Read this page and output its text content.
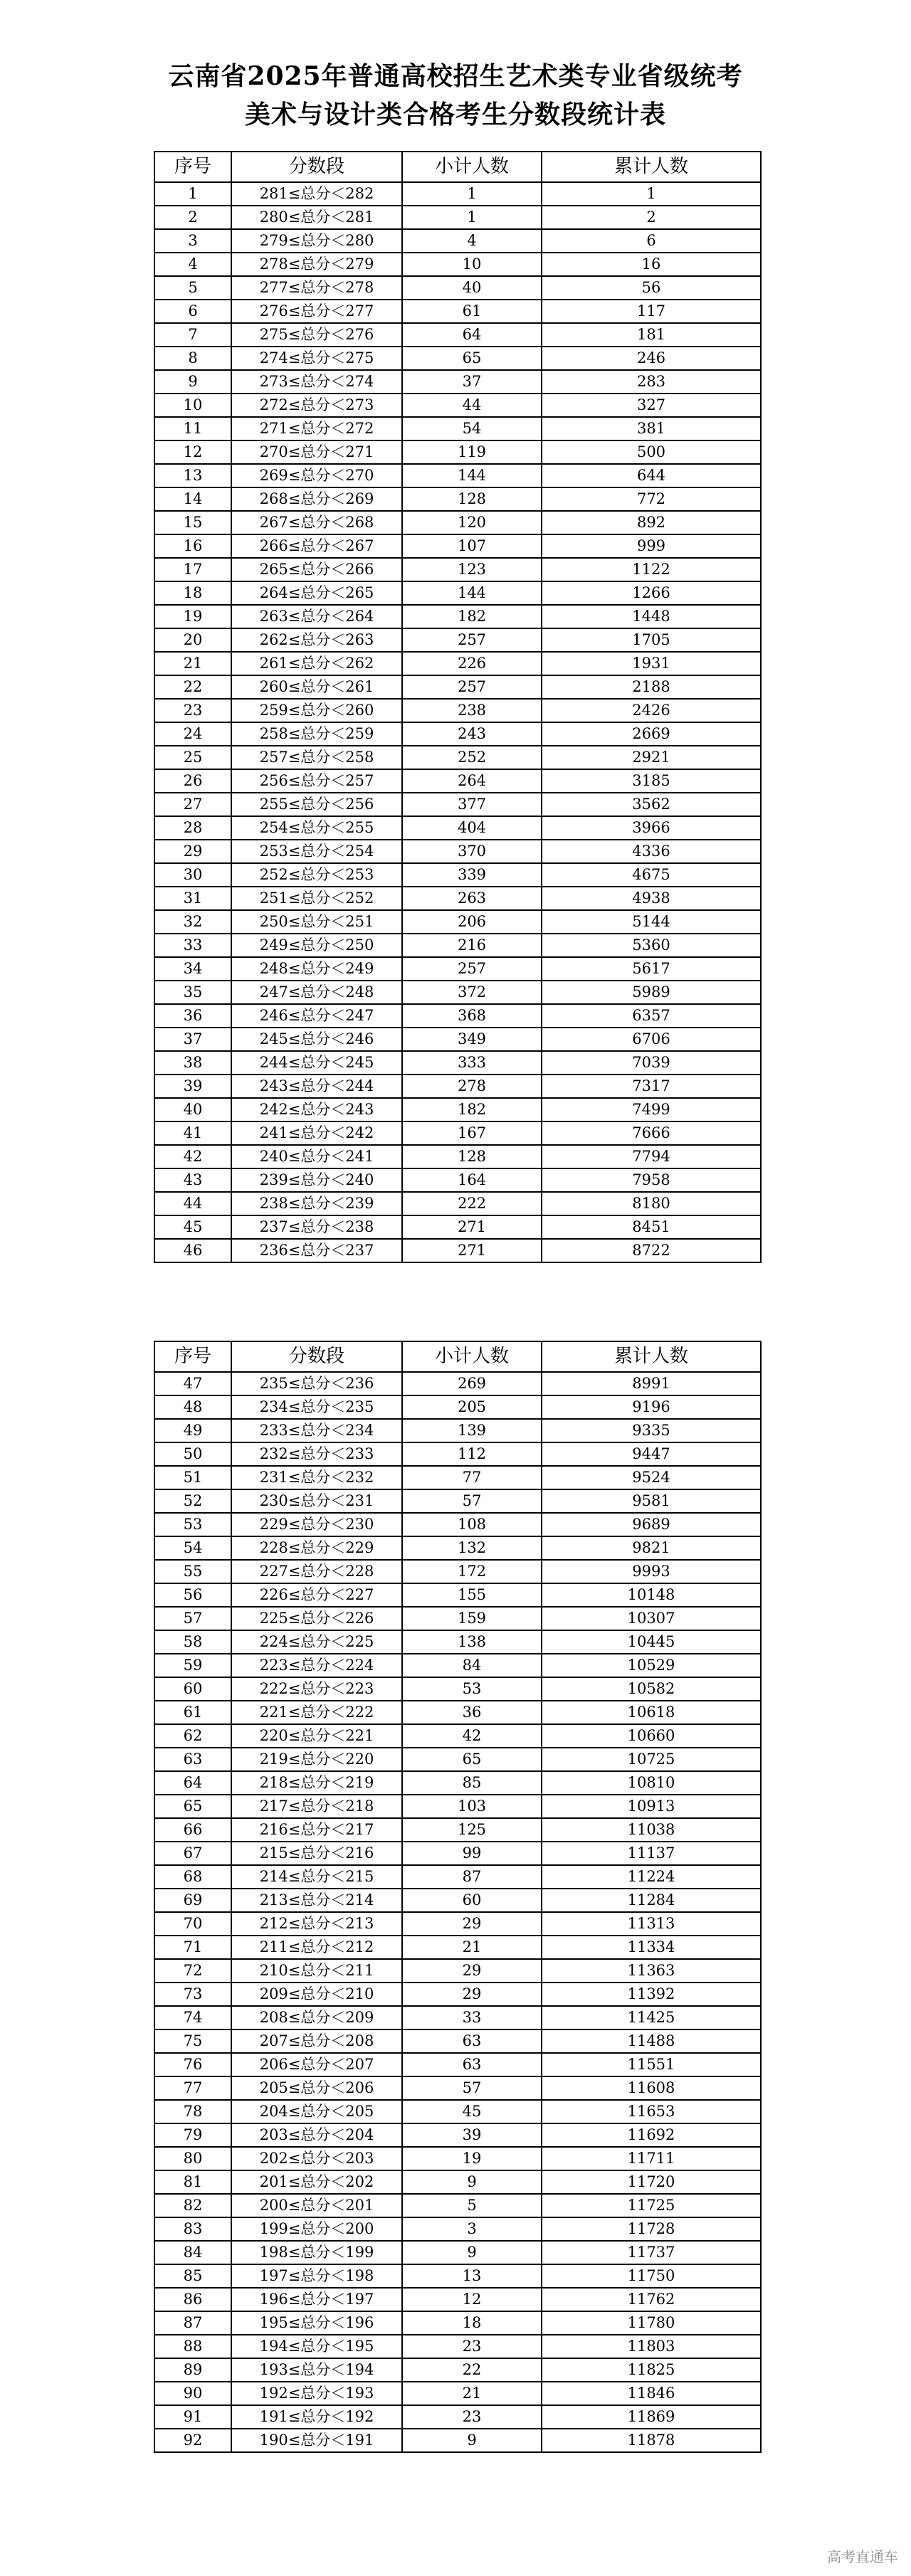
云南省2025年普通高校招生艺术类专业省级统考
美术与设计类合格考生分数段统计表
序号	分数段	小计人数	累计人数
1	281≤总分＜282	1	1
2	280≤总分＜281	1	2
3	279≤总分＜280	4	6
4	278≤总分＜279	10	16
5	277≤总分＜278	40	56
6	276≤总分＜277	61	117
7	275≤总分＜276	64	181
8	274≤总分＜275	65	246
9	273≤总分＜274	37	283
10	272≤总分＜273	44	327
11	271≤总分＜272	54	381
12	270≤总分＜271	119	500
13	269≤总分＜270	144	644
14	268≤总分＜269	128	772
15	267≤总分＜268	120	892
16	266≤总分＜267	107	999
17	265≤总分＜266	123	1122
18	264≤总分＜265	144	1266
19	263≤总分＜264	182	1448
20	262≤总分＜263	257	1705
21	261≤总分＜262	226	1931
22	260≤总分＜261	257	2188
23	259≤总分＜260	238	2426
24	258≤总分＜259	243	2669
25	257≤总分＜258	252	2921
26	256≤总分＜257	264	3185
27	255≤总分＜256	377	3562
28	254≤总分＜255	404	3966
29	253≤总分＜254	370	4336
30	252≤总分＜253	339	4675
31	251≤总分＜252	263	4938
32	250≤总分＜251	206	5144
33	249≤总分＜250	216	5360
34	248≤总分＜249	257	5617
35	247≤总分＜248	372	5989
36	246≤总分＜247	368	6357
37	245≤总分＜246	349	6706
38	244≤总分＜245	333	7039
39	243≤总分＜244	278	7317
40	242≤总分＜243	182	7499
41	241≤总分＜242	167	7666
42	240≤总分＜241	128	7794
43	239≤总分＜240	164	7958
44	238≤总分＜239	222	8180
45	237≤总分＜238	271	8451
46	236≤总分＜237	271	8722
序号	分数段	小计人数	累计人数
47	235≤总分＜236	269	8991
48	234≤总分＜235	205	9196
49	233≤总分＜234	139	9335
50	232≤总分＜233	112	9447
51	231≤总分＜232	77	9524
52	230≤总分＜231	57	9581
53	229≤总分＜230	108	9689
54	228≤总分＜229	132	9821
55	227≤总分＜228	172	9993
56	226≤总分＜227	155	10148
57	225≤总分＜226	159	10307
58	224≤总分＜225	138	10445
59	223≤总分＜224	84	10529
60	222≤总分＜223	53	10582
61	221≤总分＜222	36	10618
62	220≤总分＜221	42	10660
63	219≤总分＜220	65	10725
64	218≤总分＜219	85	10810
65	217≤总分＜218	103	10913
66	216≤总分＜217	125	11038
67	215≤总分＜216	99	11137
68	214≤总分＜215	87	11224
69	213≤总分＜214	60	11284
70	212≤总分＜213	29	11313
71	211≤总分＜212	21	11334
72	210≤总分＜211	29	11363
73	209≤总分＜210	29	11392
74	208≤总分＜209	33	11425
75	207≤总分＜208	63	11488
76	206≤总分＜207	63	11551
77	205≤总分＜206	57	11608
78	204≤总分＜205	45	11653
79	203≤总分＜204	39	11692
80	202≤总分＜203	19	11711
81	201≤总分＜202	9	11720
82	200≤总分＜201	5	11725
83	199≤总分＜200	3	11728
84	198≤总分＜199	9	11737
85	197≤总分＜198	13	11750
86	196≤总分＜197	12	11762
87	195≤总分＜196	18	11780
88	194≤总分＜195	23	11803
89	193≤总分＜194	22	11825
90	192≤总分＜193	21	11846
91	191≤总分＜192	23	11869
92	190≤总分＜191	9	11878
高考直通车
